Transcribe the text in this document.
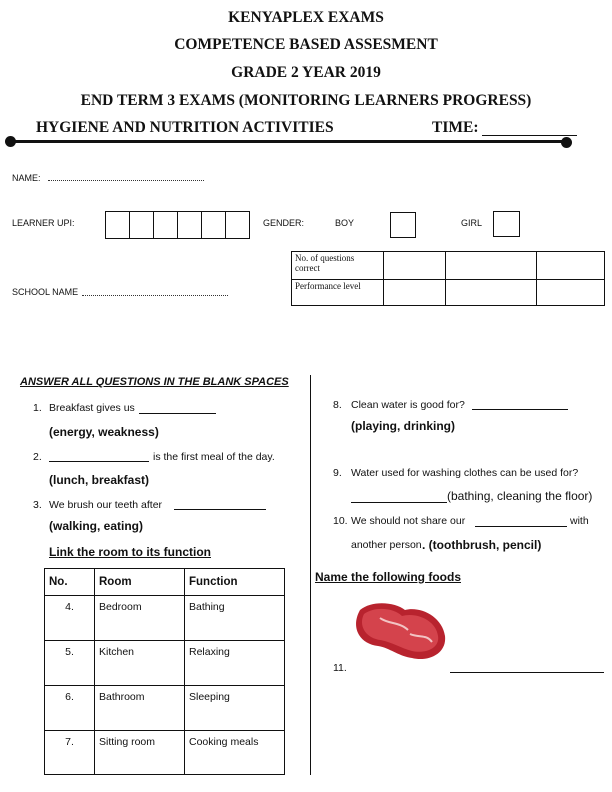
KENYAPLEX EXAMS
COMPETENCE BASED ASSESMENT
GRADE 2 YEAR 2019
END TERM 3 EXAMS (MONITORING LEARNERS PROGRESS)
HYGIENE AND NUTRITION ACTIVITIES	TIME:
NAME:
LEARNER UPI:	GENDER:	BOY	GIRL
SCHOOL NAME
No. of questions correct			
Performance level			
ANSWER ALL QUESTIONS IN THE BLANK SPACES
1. Breakfast gives us
(energy, weakness)
2.	is the first meal of the day.
(lunch, breakfast)
3. We brush our teeth after
(walking, eating)
Link the room to its function
No.	Room	Function
4.	Bedroom	Bathing
5.	Kitchen	Relaxing
6.	Bathroom	Sleeping
7.	Sitting room	Cooking meals
8. Clean water is good for?
(playing, drinking)
9. Water used for washing clothes can be used for?
(bathing, cleaning the floor)
10. We should not share our	with
another person . (toothbrush, pencil)
Name the following foods
11.
